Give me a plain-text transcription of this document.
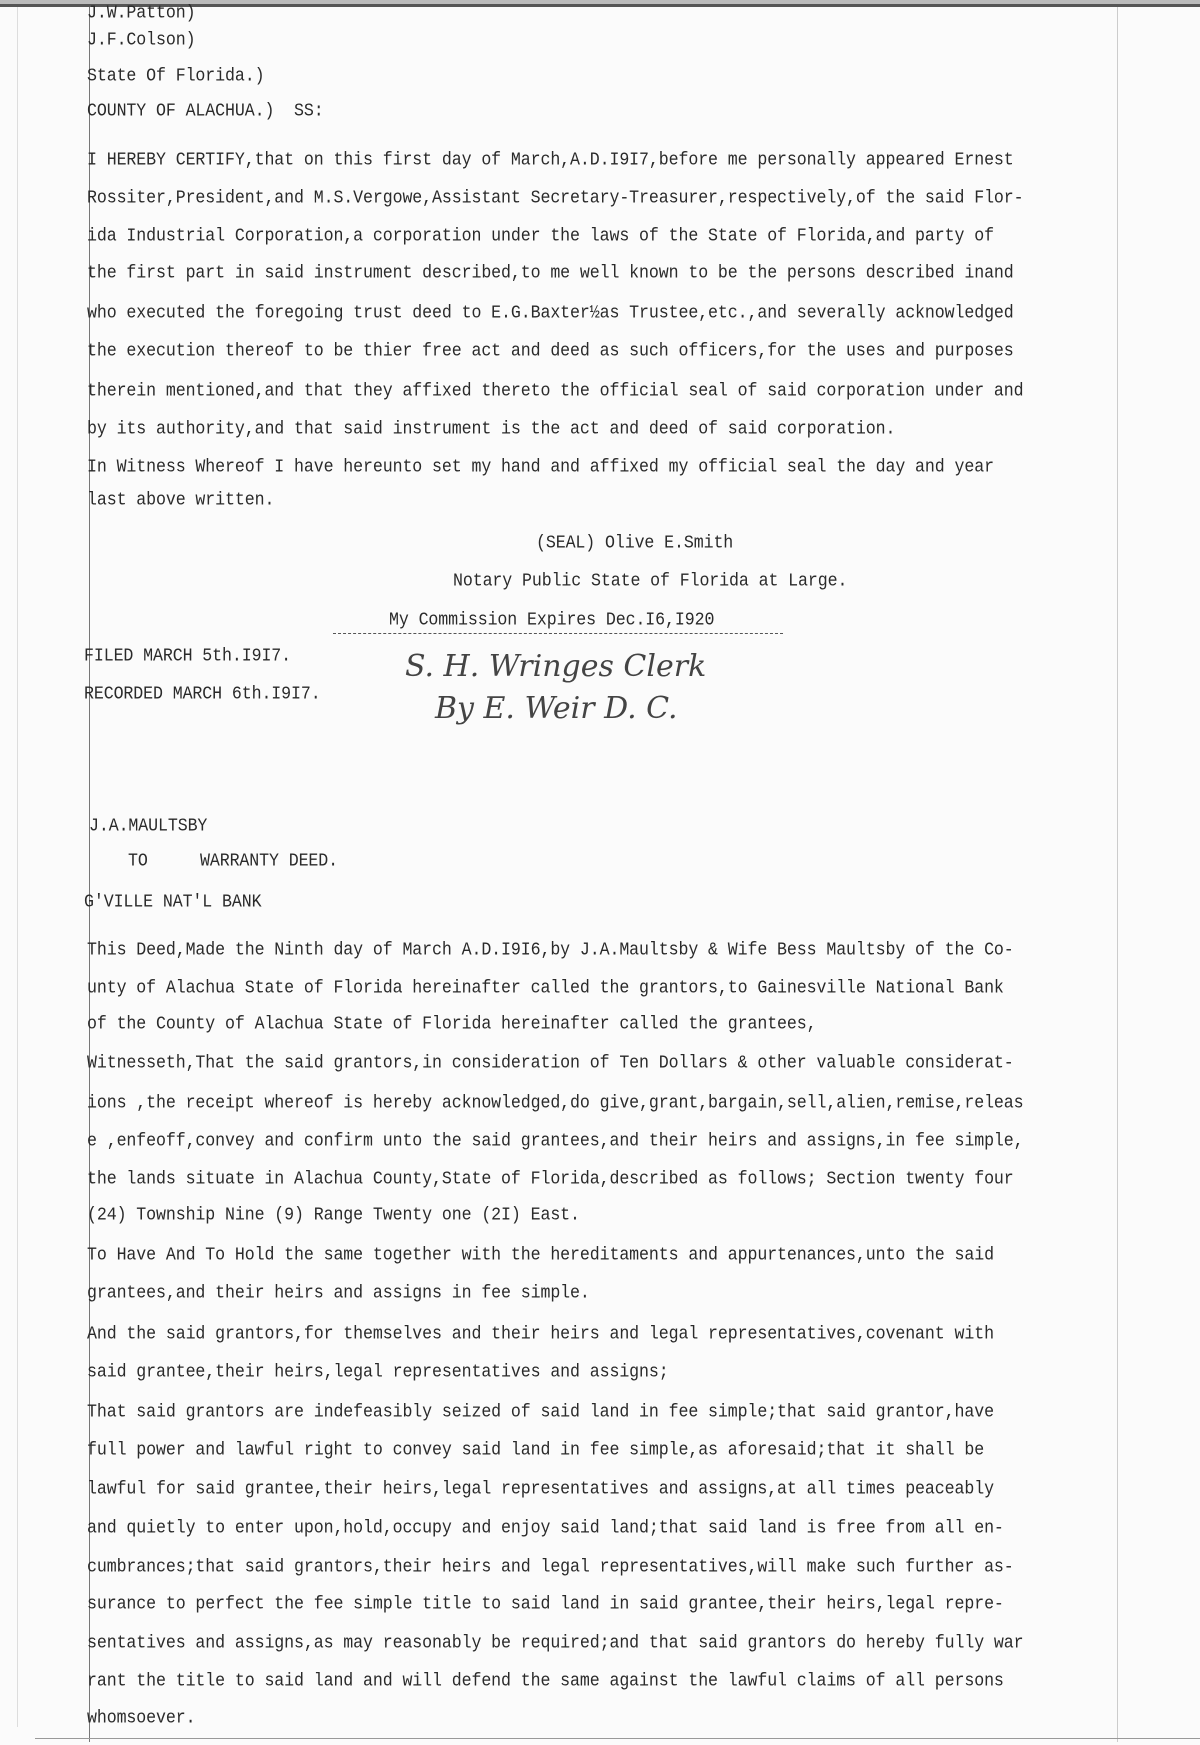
J.W.Patton)
J.F.Colson)
State Of Florida.)
COUNTY OF ALACHUA.)  SS:
I HEREBY CERTIFY,that on this first day of March,A.D.I9I7,before me personally appeared Ernest
Rossiter,President,and M.S.Vergowe,Assistant Secretary-Treasurer,respectively,of the said Flor-
ida Industrial Corporation,a corporation under the laws of the State of Florida,and party of
the first part in said instrument described,to me well known to be the persons described inand
who executed the foregoing trust deed to E.G.Baxter½as Trustee,etc.,and severally acknowledged
the execution thereof to be thier free act and deed as such officers,for the uses and purposes
therein mentioned,and that they affixed thereto the official seal of said corporation under and
by its authority,and that said instrument is the act and deed of said corporation.
In Witness Whereof I have hereunto set my hand and affixed my official seal the day and year
last above written.
(SEAL) Olive E.Smith
Notary Public State of Florida at Large.
My Commission Expires Dec.I6,I920
FILED MARCH 5th.I9I7.
RECORDED MARCH 6th.I9I7.
S. H. Wringes Clerk
By E. Weir D. C.
J.A.MAULTSBY
TO	WARRANTY DEED.
G'VILLE NAT'L BANK
This Deed,Made the Ninth day of March A.D.I9I6,by J.A.Maultsby & Wife Bess Maultsby of the Co-
unty of Alachua State of Florida hereinafter called the grantors,to Gainesville National Bank
of the County of Alachua State of Florida hereinafter called the grantees,
Witnesseth,That the said grantors,in consideration of Ten Dollars & other valuable considerat-
ions ,the receipt whereof is hereby acknowledged,do give,grant,bargain,sell,alien,remise,releas
e ,enfeoff,convey and confirm unto the said grantees,and their heirs and assigns,in fee simple,
the lands situate in Alachua County,State of Florida,described as follows; Section twenty four
(24) Township Nine (9) Range Twenty one (2I) East.
To Have And To Hold the same together with the hereditaments and appurtenances,unto the said
grantees,and their heirs and assigns in fee simple.
And the said grantors,for themselves and their heirs and legal representatives,covenant with
said grantee,their heirs,legal representatives and assigns;
That said grantors are indefeasibly seized of said land in fee simple;that said grantor,have
full power and lawful right to convey said land in fee simple,as aforesaid;that it shall be
lawful for said grantee,their heirs,legal representatives and assigns,at all times peaceably
and quietly to enter upon,hold,occupy and enjoy said land;that said land is free from all en-
cumbrances;that said grantors,their heirs and legal representatives,will make such further as-
surance to perfect the fee simple title to said land in said grantee,their heirs,legal repre-
sentatives and assigns,as may reasonably be required;and that said grantors do hereby fully war
rant the title to said land and will defend the same against the lawful claims of all persons
whomsoever.
